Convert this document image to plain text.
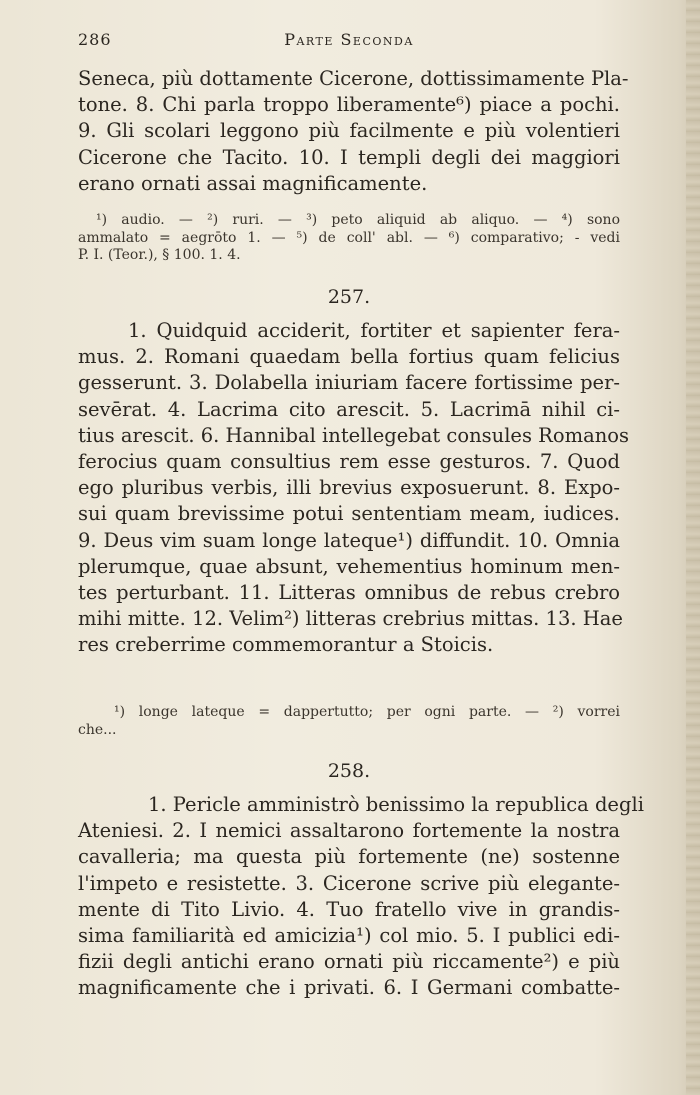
286	Parte Seconda
Seneca, più dottamente Cicerone, dottissimamente Pla-
tone. 8. Chi parla troppo liberamente⁶) piace a pochi.
9. Gli scolari leggono più facilmente e più volentieri
Cicerone che Tacito. 10. I templi degli dei maggiori
erano ornati assai magnificamente.
¹) audio. — ²) ruri. — ³) peto aliquid ab aliquo. — ⁴) sono
ammalato = aegrōto 1. — ⁵) de coll' abl. — ⁶) comparativo; - vedi
P. I. (Teor.), § 100. 1. 4.
257.
1. Quidquid acciderit, fortiter et sapienter fera-
mus. 2. Romani quaedam bella fortius quam felicius
gesserunt. 3. Dolabella iniuriam facere fortissime per-
sevērat. 4. Lacrima cito arescit. 5. Lacrimā nihil ci-
tius arescit. 6. Hannibal intellegebat consules Romanos
ferocius quam consultius rem esse gesturos. 7. Quod
ego pluribus verbis, illi brevius exposuerunt. 8. Expo-
sui quam brevissime potui sententiam meam, iudices.
9. Deus vim suam longe lateque¹) diffundit. 10. Omnia
plerumque, quae absunt, vehementius hominum men-
tes perturbant. 11. Litteras omnibus de rebus crebro
mihi mitte. 12. Velim²) litteras crebrius mittas. 13. Hae
res creberrime commemorantur a Stoicis.
¹) longe lateque = dappertutto; per ogni parte. — ²) vorrei
che...
258.
1. Pericle amministrò benissimo la republica degli
Ateniesi. 2. I nemici assaltarono fortemente la nostra
cavalleria; ma questa più fortemente (ne) sostenne
l'impeto e resistette. 3. Cicerone scrive più elegante-
mente di Tito Livio. 4. Tuo fratello vive in grandis-
sima familiarità ed amicizia¹) col mio. 5. I publici edi-
fizii degli antichi erano ornati più riccamente²) e più
magnificamente che i privati. 6. I Germani combatte-
